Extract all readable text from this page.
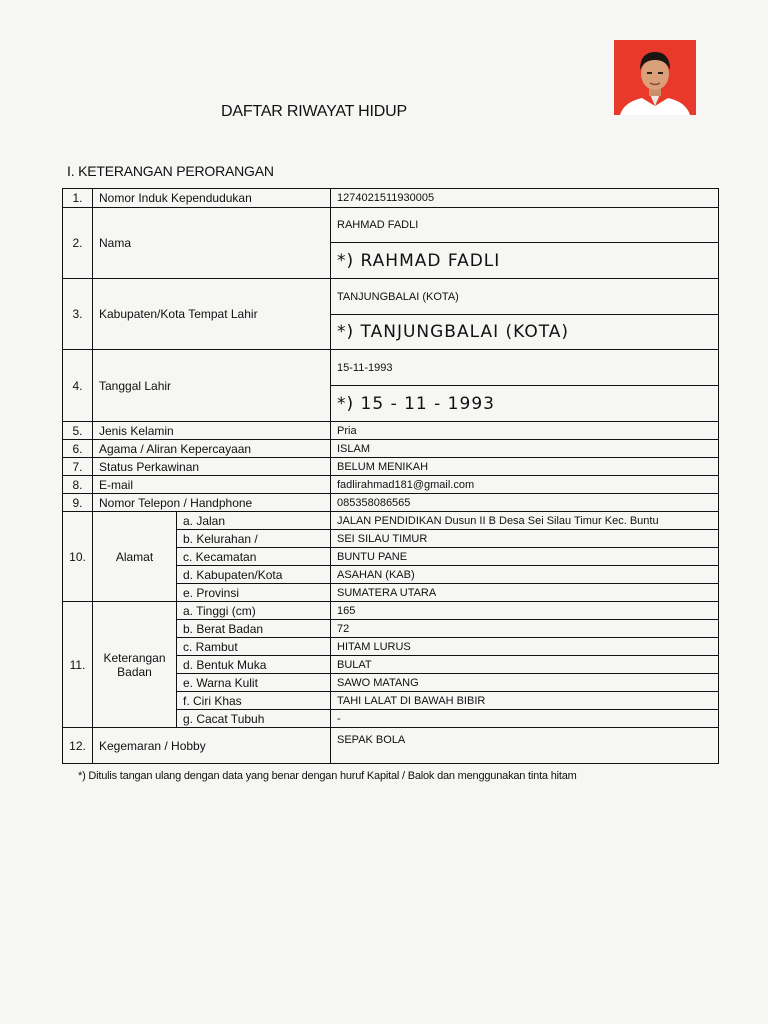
DAFTAR RIWAYAT HIDUP
I. KETERANGAN PERORANGAN
1.	Nomor Induk Kependudukan		1274021511930005
2.	Nama		RAHMAD FADLI
			*) RAHMAD FADLI
3.	Kabupaten/Kota Tempat Lahir		TANJUNGBALAI (KOTA)
			*) TANJUNGBALAI (KOTA)
4.	Tanggal Lahir		15-11-1993
			*) 15 - 11 - 1993
5.	Jenis Kelamin		Pria
6.	Agama / Aliran Kepercayaan		ISLAM
7.	Status Perkawinan		BELUM MENIKAH
8.	E-mail		fadlirahmad181@gmail.com
9.	Nomor Telepon / Handphone		085358086565
10.	Alamat	a. Jalan	JALAN PENDIDIKAN Dusun II B Desa Sei Silau Timur Kec. Buntu
		b. Kelurahan /	SEI SILAU TIMUR
		c. Kecamatan	BUNTU PANE
		d. Kabupaten/Kota	ASAHAN (KAB)
		e. Provinsi	SUMATERA UTARA
11.	Keterangan
Badan	a. Tinggi (cm)	165
		b. Berat Badan	72
		c. Rambut	HITAM LURUS
		d. Bentuk Muka	BULAT
		e. Warna Kulit	SAWO MATANG
		f. Ciri Khas	TAHI LALAT DI BAWAH BIBIR
		g. Cacat Tubuh	-
12.	Kegemaran / Hobby		SEPAK BOLA
*) Ditulis tangan ulang dengan data yang benar dengan huruf Kapital / Balok dan menggunakan tinta hitam
